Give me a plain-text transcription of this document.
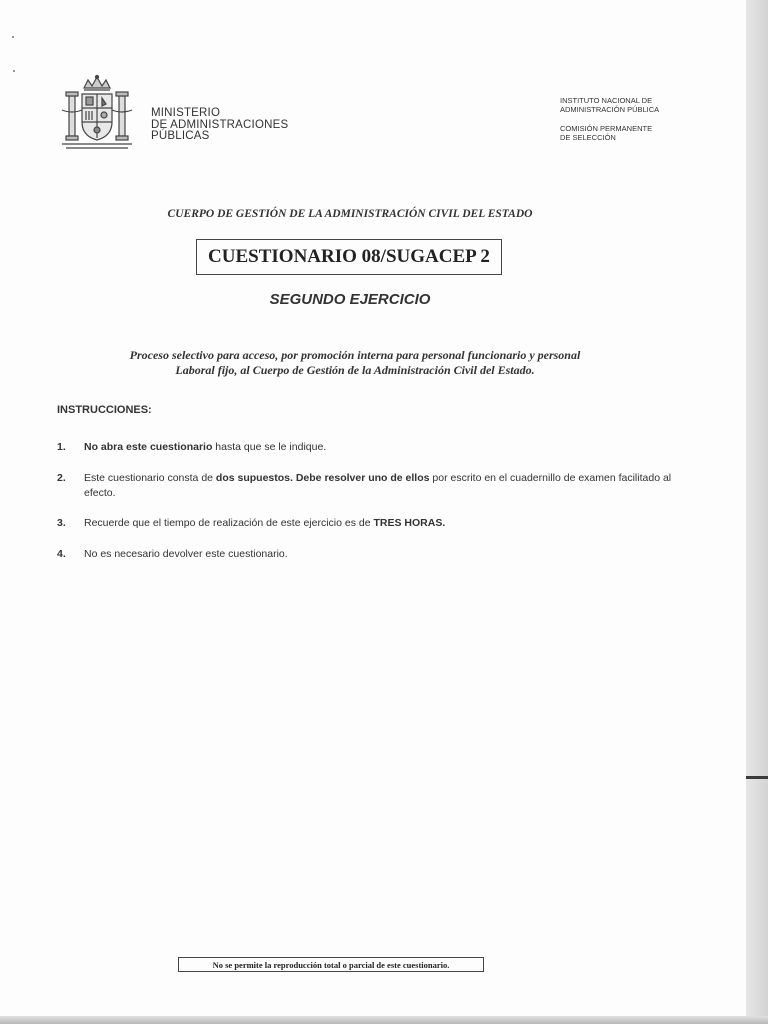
MINISTERIO
DE ADMINISTRACIONES
PÚBLICAS
INSTITUTO NACIONAL DE
ADMINISTRACIÓN PÚBLICA
COMISIÓN PERMANENTE
DE SELECCIÓN
CUERPO DE GESTIÓN DE LA ADMINISTRACIÓN CIVIL DEL ESTADO
CUESTIONARIO 08/SUGACEP 2
SEGUNDO EJERCICIO
Proceso selectivo para acceso, por promoción interna para personal funcionario y personal
Laboral fijo, al Cuerpo de Gestión de la Administración Civil del Estado.
INSTRUCCIONES:
1. No abra este cuestionario hasta que se le indique.
2. Este cuestionario consta de dos supuestos. Debe resolver uno de ellos por escrito en el cuadernillo de examen facilitado al efecto.
3. Recuerde que el tiempo de realización de este ejercicio es de TRES HORAS.
4. No es necesario devolver este cuestionario.
No se permite la reproducción total o parcial de este cuestionario.
